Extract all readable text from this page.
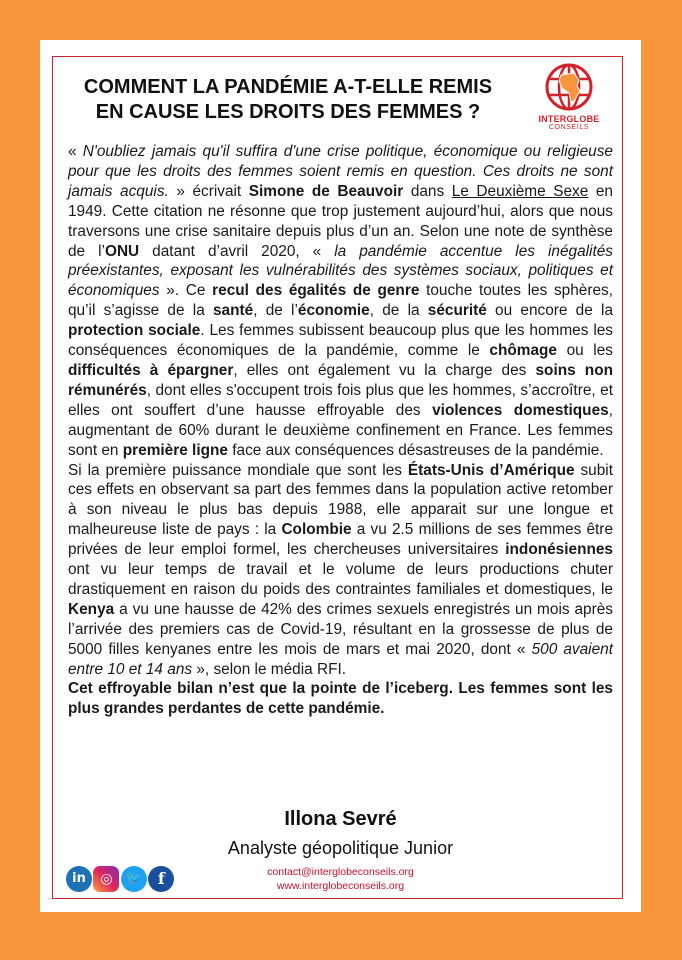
COMMENT LA PANDÉMIE A-T-ELLE REMIS
EN CAUSE LES DROITS DES FEMMES ?	INTERGLOBE
CONSEILS

« N'oubliez jamais qu'il suffira d'une crise politique, économique ou religieuse pour que les droits des femmes soient remis en question. Ces droits ne sont jamais acquis. » écrivait Simone de Beauvoir dans Le Deuxième Sexe en 1949. Cette citation ne résonne que trop justement aujourd’hui, alors que nous traversons une crise sanitaire depuis plus d’un an. Selon une note de synthèse de l’ONU datant d’avril 2020, « la pandémie accentue les inégalités préexistantes, exposant les vulnérabilités des systèmes sociaux, politiques et économiques ». Ce recul des égalités de genre touche toutes les sphères, qu’il s’agisse de la santé, de l’économie, de la sécurité ou encore de la protection sociale. Les femmes subissent beaucoup plus que les hommes les conséquences économiques de la pandémie, comme le chômage ou les difficultés à épargner, elles ont également vu la charge des soins non rémunérés, dont elles s'occupent trois fois plus que les hommes, s’accroître, et elles ont souffert d’une hausse effroyable des violences domestiques, augmentant de 60% durant le deuxième confinement en France. Les femmes sont en première ligne face aux conséquences désastreuses de la pandémie.

Si la première puissance mondiale que sont les États-Unis d’Amérique subit ces effets en observant sa part des femmes dans la population active retomber à son niveau le plus bas depuis 1988, elle apparait sur une longue et malheureuse liste de pays : la Colombie a vu 2.5 millions de ses femmes être privées de leur emploi formel, les chercheuses universitaires indonésiennes ont vu leur temps de travail et le volume de leurs productions chuter drastiquement en raison du poids des contraintes familiales et domestiques, le Kenya a vu une hausse de 42% des crimes sexuels enregistrés un mois après l’arrivée des premiers cas de Covid-19, résultant en la grossesse de plus de 5000 filles kenyanes entre les mois de mars et mai 2020, dont « 500 avaient entre 10 et 14 ans », selon le média RFI.

Cet effroyable bilan n’est que la pointe de l’iceberg. Les femmes sont les plus grandes perdantes de cette pandémie.

Illona Sevré
Analyste géopolitique Junior
in ◎ 🐦 f	contact@interglobeconseils.org
www.interglobeconseils.org
